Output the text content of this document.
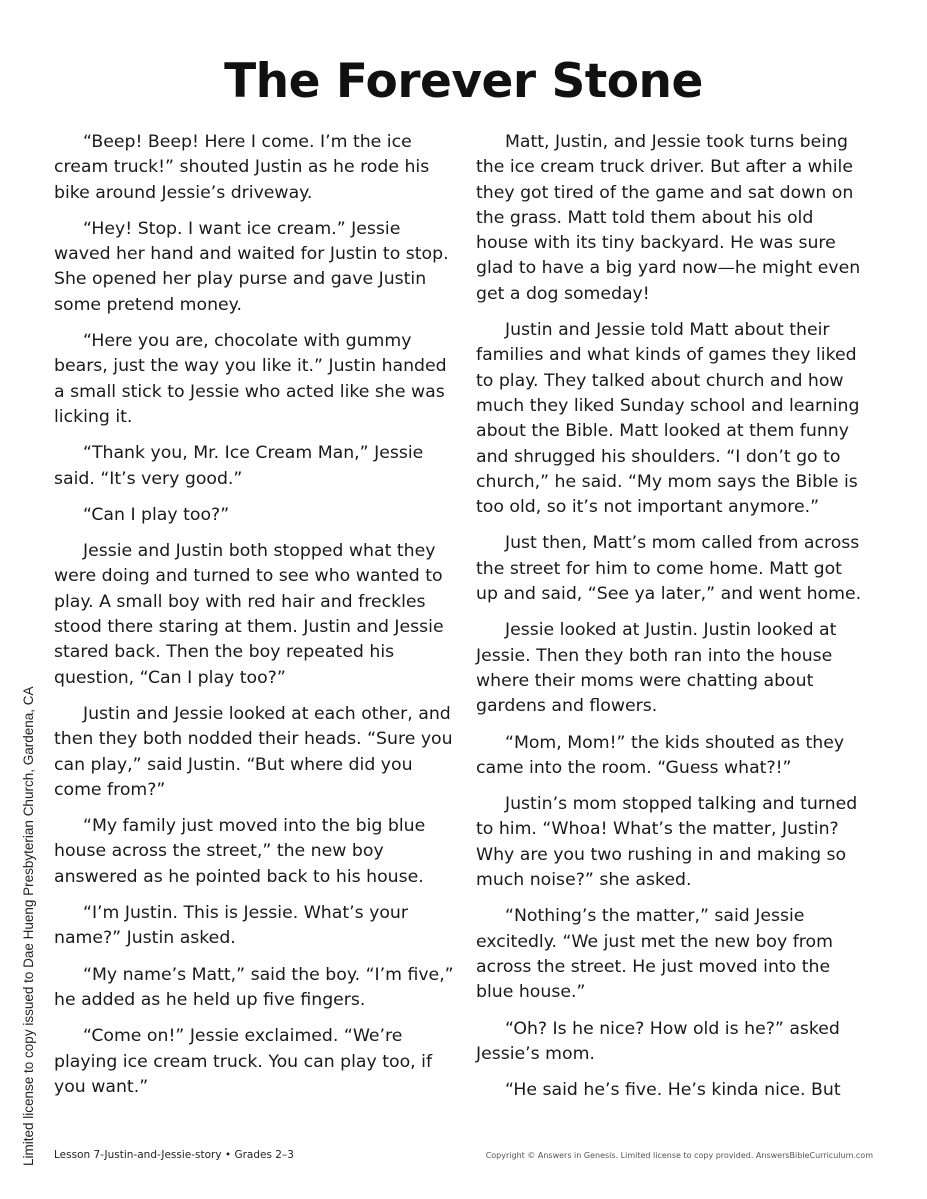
The Forever Stone

“Beep! Beep! Here I come. I’m the ice cream truck!” shouted Justin as he rode his bike around Jessie’s driveway.

“Hey! Stop. I want ice cream.” Jessie waved her hand and waited for Justin to stop. She opened her play purse and gave Justin some pretend money.

“Here you are, chocolate with gummy bears, just the way you like it.” Justin handed a small stick to Jessie who acted like she was licking it.

“Thank you, Mr. Ice Cream Man,” Jessie said. “It’s very good.”

“Can I play too?”

Jessie and Justin both stopped what they were doing and turned to see who wanted to play. A small boy with red hair and freckles stood there staring at them. Justin and Jessie stared back. Then the boy repeated his question, “Can I play too?”

Justin and Jessie looked at each other, and then they both nodded their heads. “Sure you can play,” said Justin. “But where did you come from?”

“My family just moved into the big blue house across the street,” the new boy answered as he pointed back to his house.

“I’m Justin. This is Jessie. What’s your name?” Justin asked.

“My name’s Matt,” said the boy. “I’m five,” he added as he held up five fingers.

“Come on!” Jessie exclaimed. “We’re playing ice cream truck. You can play too, if you want.”

Matt, Justin, and Jessie took turns being the ice cream truck driver. But after a while they got tired of the game and sat down on the grass. Matt told them about his old house with its tiny backyard. He was sure glad to have a big yard now—he might even get a dog someday!

Justin and Jessie told Matt about their families and what kinds of games they liked to play. They talked about church and how much they liked Sunday school and learning about the Bible. Matt looked at them funny and shrugged his shoulders. “I don’t go to church,” he said. “My mom says the Bible is too old, so it’s not important anymore.”

Just then, Matt’s mom called from across the street for him to come home. Matt got up and said, “See ya later,” and went home.

Jessie looked at Justin. Justin looked at Jessie. Then they both ran into the house where their moms were chatting about gardens and flowers.

“Mom, Mom!” the kids shouted as they came into the room. “Guess what?!”

Justin’s mom stopped talking and turned to him. “Whoa! What’s the matter, Justin? Why are you two rushing in and making so much noise?” she asked.

“Nothing’s the matter,” said Jessie excitedly. “We just met the new boy from across the street. He just moved into the blue house.”

“Oh? Is he nice? How old is he?” asked Jessie’s mom.

“He said he’s five. He’s kinda nice. But

Limited license to copy issued to Dae Hueng Presbyterian Church, Gardena, CA Lesson 7-Justin-and-Jessie-story • Grades 2–3	Copyright © Answers in Genesis. Limited license to copy provided. AnswersBibleCurriculum.com
